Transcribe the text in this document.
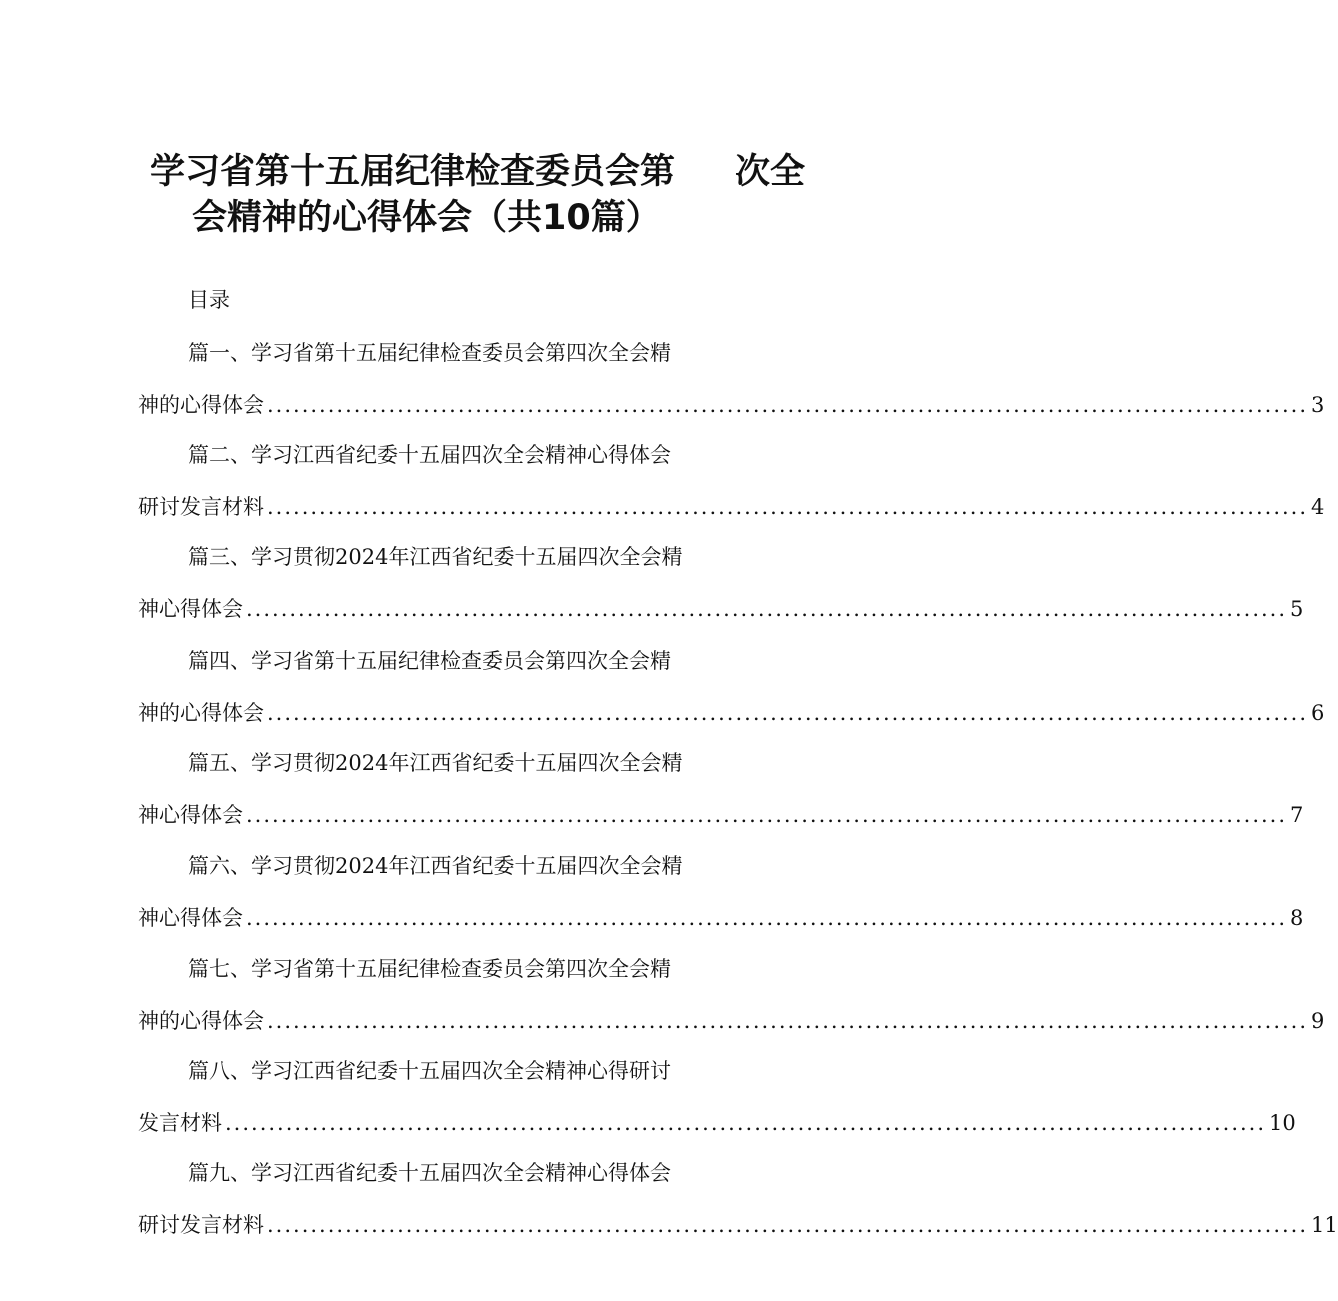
学习省第十五届纪律检查委员会第 次全
会精神的心得体会（共10篇）
目录
篇一、学习省第十五届纪律检查委员会第四次全会精
神的心得体会 ........................................................................................................................ 3
篇二、学习江西省纪委十五届四次全会精神心得体会
研讨发言材料 ........................................................................................................................ 4
篇三、学习贯彻2024年江西省纪委十五届四次全会精
神心得体会 ........................................................................................................................ 5
篇四、学习省第十五届纪律检查委员会第四次全会精
神的心得体会 ........................................................................................................................ 6
篇五、学习贯彻2024年江西省纪委十五届四次全会精
神心得体会 ........................................................................................................................ 7
篇六、学习贯彻2024年江西省纪委十五届四次全会精
神心得体会 ........................................................................................................................ 8
篇七、学习省第十五届纪律检查委员会第四次全会精
神的心得体会 ........................................................................................................................ 9
篇八、学习江西省纪委十五届四次全会精神心得研讨
发言材料 ........................................................................................................................ 10
篇九、学习江西省纪委十五届四次全会精神心得体会
研讨发言材料 ........................................................................................................................ 11
